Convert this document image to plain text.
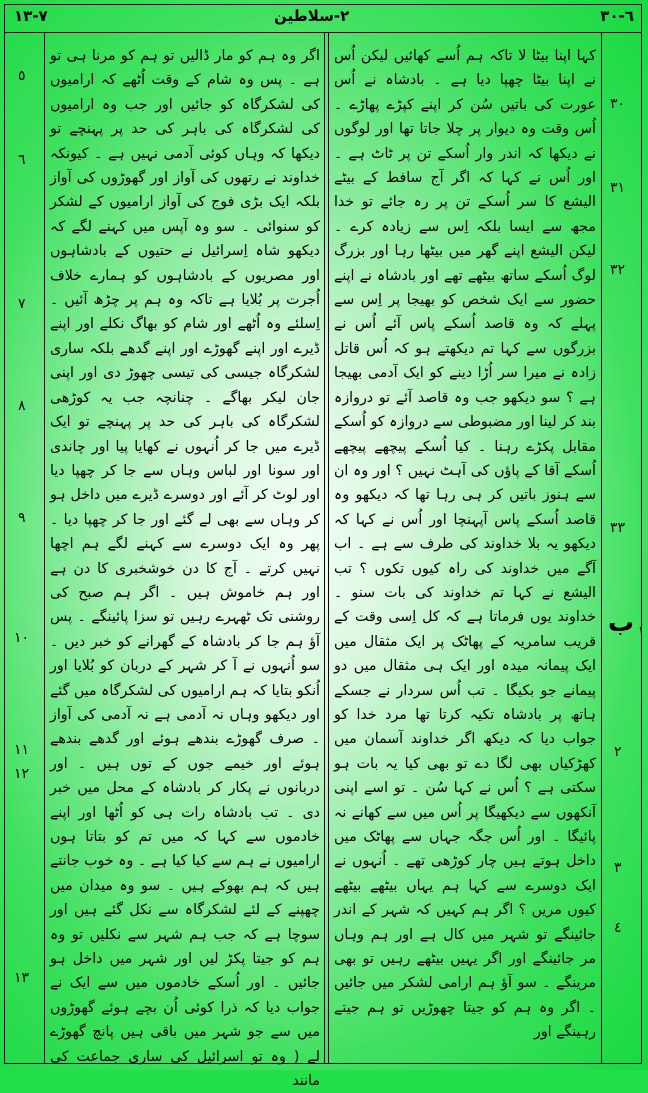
٦-٣٠
٢-سلاطین
٧-١٣
٣٠
٣١
٣٢
٣٣
ب ١
٢
٣
٤
٥
٦
٧
٨
٩
١٠
١١
١٢
١٣

کہا اپنا بیٹا لا تاکہ ہم اُسے کھائیں لیکن اُس نے اپنا بیٹا چھپا دیا ہے ۔ بادشاہ نے اُس عورت کی باتیں سُن کر اپنے کپڑے پھاڑے ۔ اُس وقت وہ دیوار پر چلا جاتا تھا اور لوگوں نے دیکھا کہ اندر وار اُسکے تن پر ٹاٹ ہے ۔ اور اُس نے کہا کہ اگر آج سافط کے بیٹے الیشع کا سر اُسکے تن پر رہ جائے تو خدا مجھ سے ایسا بلکہ اِس سے زیادہ کرے ۔ لیکن الیشع اپنے گھر میں بیٹھا رہا اور بزرگ لوگ اُسکے ساتھ بیٹھے تھے اور بادشاہ نے اپنے حضور سے ایک شخص کو بھیجا پر اِس سے پہلے کہ وہ قاصد اُسکے پاس آئے اُس نے بزرگوں سے کہا تم دیکھتے ہو کہ اُس قاتل زادہ نے میرا سر اُڑا دینے کو ایک آدمی بھیجا ہے ؟ سو دیکھو جب وہ قاصد آئے تو دروازہ بند کر لینا اور مضبوطی سے دروازہ کو اُسکے مقابل پکڑے رہنا ۔ کیا اُسکے پیچھے پیچھے اُسکے آقا کے پاؤں کی آہٹ نہیں ؟ اور وہ ان سے ہنوز باتیں کر ہی رہا تھا کہ دیکھو وہ قاصد اُسکے پاس آپہنچا اور اُس نے کہا کہ دیکھو یہ بلا خداوند کی طرف سے ہے ۔ اب آگے میں خداوند کی راہ کیوں تکوں ؟ تب الیشع نے کہا تم خداوند کی بات سنو ۔ خداوند یوں فرماتا ہے کہ کل اِسی وقت کے قریب سامریہ کے پھاٹک پر ایک مثقال میں ایک پیمانہ میدہ اور ایک ہی مثقال میں دو پیمانے جو بکیگا ۔ تب اُس سردار نے جسکے ہاتھ پر بادشاہ تکیہ کرتا تھا مرد خدا کو جواب دیا کہ دیکھ اگر خداوند آسمان میں کھڑکیاں بھی لگا دے تو بھی کیا یہ بات ہو سکتی ہے ؟ اُس نے کہا سُن ۔ تو اسے اپنی آنکھوں سے دیکھیگا پر اُس میں سے کھانے نہ پائیگا ۔ اور اُس جگہ جہاں سے پھاٹک میں داخل ہوتے ہیں چار کوڑھی تھے ۔ اُنہوں نے ایک دوسرے سے کہا ہم یہاں بیٹھے بیٹھے کیوں مریں ؟ اگر ہم کہیں کہ شہر کے اندر جائینگے تو شہر میں کال ہے اور ہم وہاں مر جائینگے اور اگر یہیں بیٹھے رہیں تو بھی مرینگے ۔ سو آؤ ہم ارامی لشکر میں جائیں ۔ اگر وہ ہم کو جیتا چھوڑیں تو ہم جیتے رہینگے اور

اگر وہ ہم کو مار ڈالیں تو ہم کو مرنا ہی تو ہے ۔ پس وہ شام کے وقت اُٹھے کہ ارامیوں کی لشکرگاہ کو جائیں اور جب وہ ارامیوں کی لشکرگاہ کی باہر کی حد پر پہنچے تو دیکھا کہ وہاں کوئی آدمی نہیں ہے ۔ کیونکہ خداوند نے رتھوں کی آواز اور گھوڑوں کی آواز بلکہ ایک بڑی فوج کی آواز ارامیوں کے لشکر کو سنوائی ۔ سو وہ آپس میں کہنے لگے کہ دیکھو شاہ اِسرائیل نے حتیوں کے بادشاہوں اور مصریوں کے بادشاہوں کو ہمارے خلاف اُجرت پر بُلایا ہے تاکہ وہ ہم پر چڑھ آئیں ۔ اِسلئے وہ اُٹھے اور شام کو بھاگ نکلے اور اپنے ڈیرے اور اپنے گھوڑے اور اپنے گدھے بلکہ ساری لشکرگاہ جیسی کی تیسی چھوڑ دی اور اپنی جان لیکر بھاگے ۔ چنانچہ جب یہ کوڑھی لشکرگاہ کی باہر کی حد پر پہنچے تو ایک ڈیرے میں جا کر اُنہوں نے کھایا پیا اور چاندی اور سونا اور لباس وہاں سے جا کر چھپا دیا اور لوٹ کر آئے اور دوسرے ڈیرے میں داخل ہو کر وہاں سے بھی لے گئے اور جا کر چھپا دیا ۔ پھر وہ ایک دوسرے سے کہنے لگے ہم اچھا نہیں کرتے ۔ آج کا دن خوشخبری کا دن ہے اور ہم خاموش ہیں ۔ اگر ہم صبح کی روشنی تک ٹھہرے رہیں تو سزا پائینگے ۔ پس آؤ ہم جا کر بادشاہ کے گھرانے کو خبر دیں ۔ سو اُنہوں نے آ کر شہر کے دربان کو بُلایا اور اُنکو بتایا کہ ہم ارامیوں کی لشکرگاہ میں گئے اور دیکھو وہاں نہ آدمی ہے نہ آدمی کی آواز ۔ صرف گھوڑے بندھے ہوئے اور گدھے بندھے ہوئے اور خیمے جوں کے توں ہیں ۔ اور دربانوں نے پکار کر بادشاہ کے محل میں خبر دی ۔ تب بادشاہ رات ہی کو اُٹھا اور اپنے خادموں سے کہا کہ میں تم کو بتاتا ہوں ارامیوں نے ہم سے کیا کیا ہے ۔ وہ خوب جانتے ہیں کہ ہم بھوکے ہیں ۔ سو وہ میدان میں چھپنے کے لئے لشکرگاہ سے نکل گئے ہیں اور سوچا ہے کہ جب ہم شہر سے نکلیں تو وہ ہم کو جیتا پکڑ لیں اور شہر میں داخل ہو جائیں ۔ اور اُسکے خادموں میں سے ایک نے جواب دیا کہ ذرا کوئی اُن بچے ہوئے گھوڑوں میں سے جو شہر میں باقی ہیں پانچ گھوڑے لے ( وہ تو اسرائیل کی ساری جماعت کی مانند
